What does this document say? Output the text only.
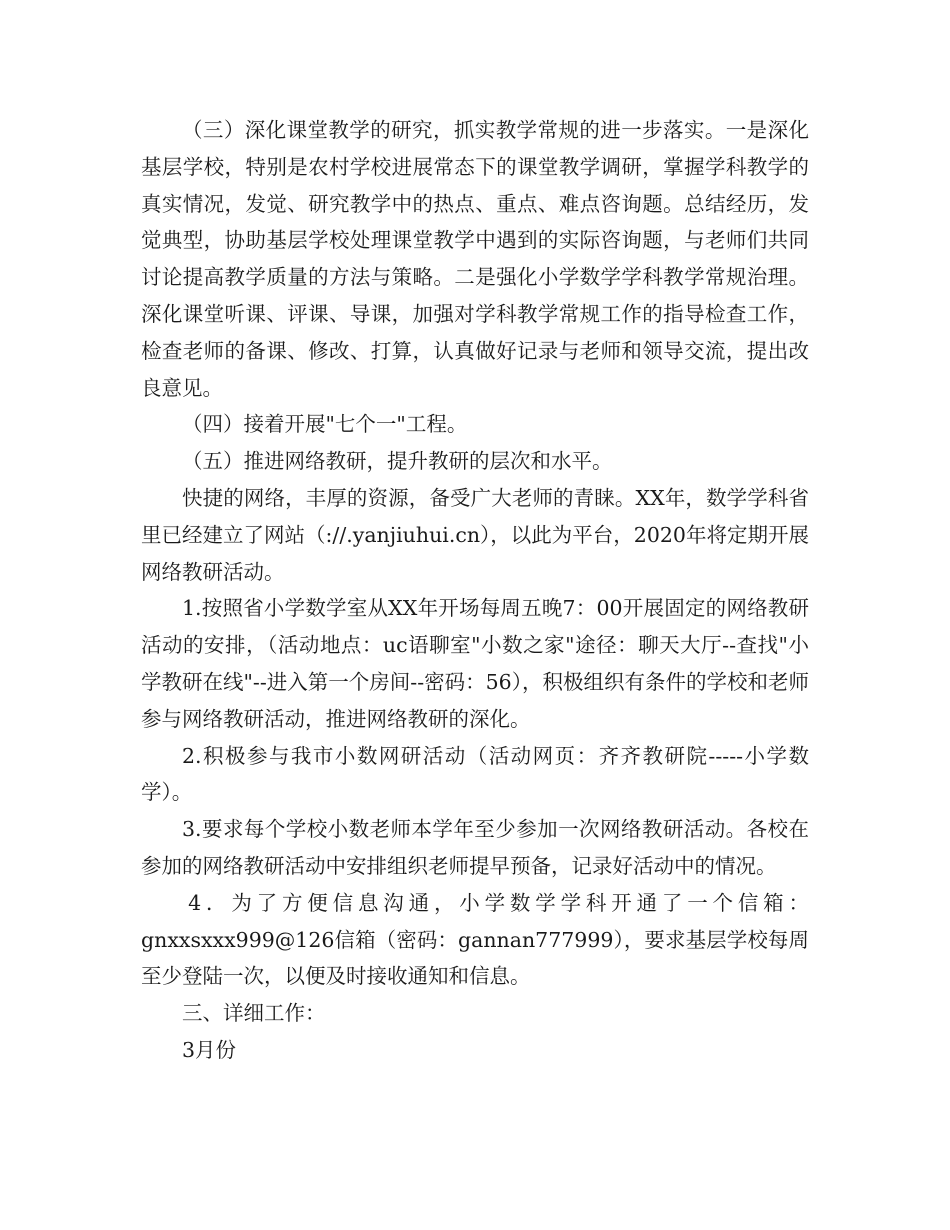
（三）深化课堂教学的研究，抓实教学常规的进一步落实。一是深化基层学校，特别是农村学校进展常态下的课堂教学调研，掌握学科教学的真实情况，发觉、研究教学中的热点、重点、难点咨询题。总结经历，发觉典型，协助基层学校处理课堂教学中遇到的实际咨询题，与老师们共同讨论提高教学质量的方法与策略。二是强化小学数学学科教学常规治理。深化课堂听课、评课、导课，加强对学科教学常规工作的指导检查工作，检查老师的备课、修改、打算，认真做好记录与老师和领导交流，提出改良意见。

（四）接着开展"七个一"工程。

（五）推进网络教研，提升教研的层次和水平。

快捷的网络，丰厚的资源，备受广大老师的青睐。XX年，数学学科省里已经建立了网站（://.yanjiuhui.cn），以此为平台，2020年将定期开展网络教研活动。

1.按照省小学数学室从XX年开场每周五晚7：00开展固定的网络教研活动的安排，（活动地点：uc语聊室"小数之家"途径：聊天大厅--查找"小学教研在线"--进入第一个房间--密码：56），积极组织有条件的学校和老师参与网络教研活动，推进网络教研的深化。

2.积极参与我市小数网研活动（活动网页：齐齐教研院-----小学数学）。

3.要求每个学校小数老师本学年至少参加一次网络教研活动。各校在参加的网络教研活动中安排组织老师提早预备，记录好活动中的情况。

4．为了方便信息沟通，小学数学学科开通了一个信箱：gnxxsxxx999@126信箱（密码：gannan777999），要求基层学校每周至少登陆一次，以便及时接收通知和信息。

三、详细工作：

3月份
